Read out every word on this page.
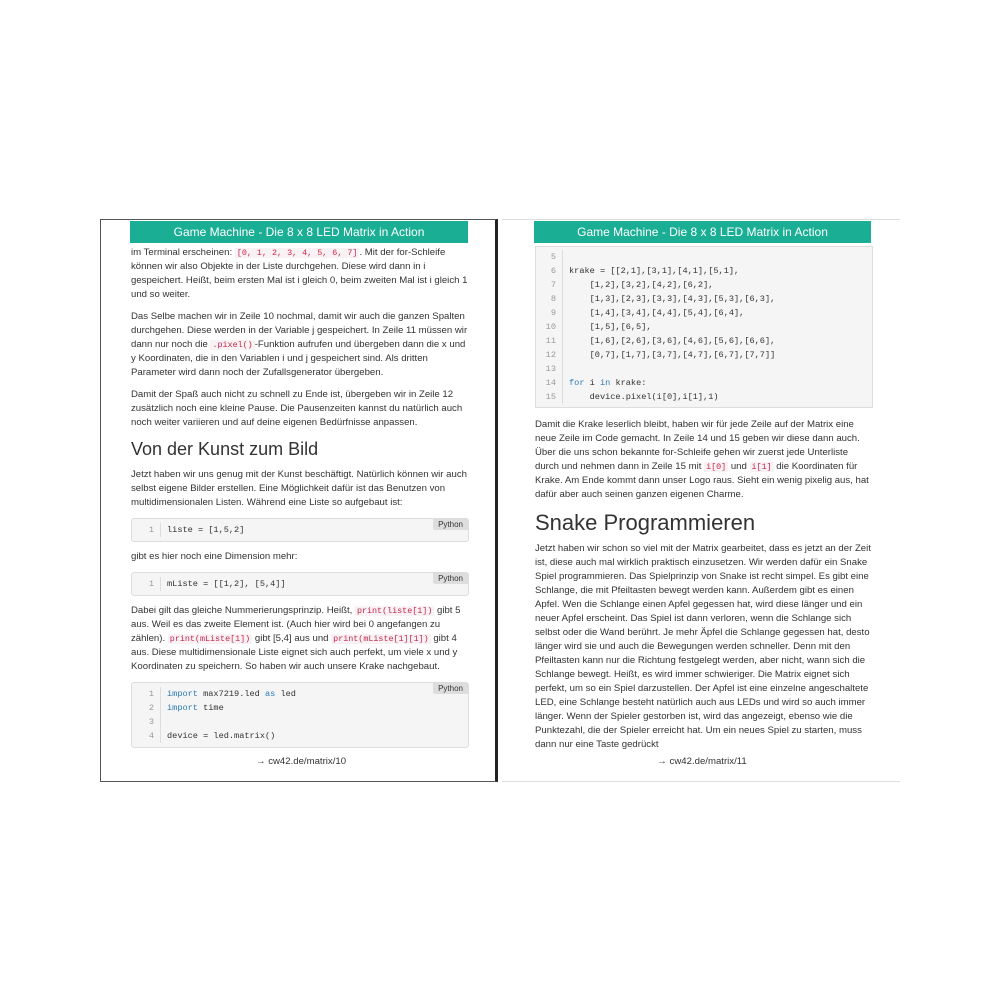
Game Machine - Die 8 x 8 LED Matrix in Action

im Terminal erscheinen: [0, 1, 2, 3, 4, 5, 6, 7] . Mit der for-Schleife können wir also Objekte in der Liste durchgehen. Diese wird dann in i gespeichert. Heißt, beim ersten Mal ist i gleich 0, beim zweiten Mal ist i gleich 1 und so weiter.

Das Selbe machen wir in Zeile 10 nochmal, damit wir auch die ganzen Spalten durchgehen. Diese werden in der Variable j gespeichert. In Zeile 11 müssen wir dann nur noch die .pixel() -Funktion aufrufen und übergeben dann die x und y Koordinaten, die in den Variablen i und j gespeichert sind. Als dritten Parameter wird dann noch der Zufallsgenerator übergeben.

Damit der Spaß auch nicht zu schnell zu Ende ist, übergeben wir in Zeile 12 zusätzlich noch eine kleine Pause. Die Pausenzeiten kannst du natürlich auch noch weiter variieren und auf deine eigenen Bedürfnisse anpassen.

Von der Kunst zum Bild

Jetzt haben wir uns genug mit der Kunst beschäftigt. Natürlich können wir auch selbst eigene Bilder erstellen. Eine Möglichkeit dafür ist das Benutzen von multidimensionalen Listen. Während eine Liste so aufgebaut ist:

Python
1	liste = [1,5,2]

gibt es hier noch eine Dimension mehr:

Python
1	mListe = [[1,2], [5,4]]

Dabei gilt das gleiche Nummerierungsprinzip. Heißt, print(liste[1]) gibt 5 aus. Weil es das zweite Element ist. (Auch hier wird bei 0 angefangen zu zählen). print(mListe[1]) gibt [5,4] aus und print(mListe[1][1]) gibt 4 aus. Diese multidimensionale Liste eignet sich auch perfekt, um viele x und y Koordinaten zu speichern. So haben wir auch unsere Krake nachgebaut.

Python
1	import max7219.led as led
2	import time
3
4	device = led.matrix()
→ cw42.de/matrix/10
Game Machine - Die 8 x 8 LED Matrix in Action
5
6	krake = [[2,1],[3,1],[4,1],[5,1],
7	[1,2],[3,2],[4,2],[6,2],
8	[1,3],[2,3],[3,3],[4,3],[5,3],[6,3],
9	[1,4],[3,4],[4,4],[5,4],[6,4],
10	[1,5],[6,5],
11	[1,6],[2,6],[3,6],[4,6],[5,6],[6,6],
12	[0,7],[1,7],[3,7],[4,7],[6,7],[7,7]]
13
14	for i in krake:
15	device.pixel(i[0],i[1],1)

Damit die Krake leserlich bleibt, haben wir für jede Zeile auf der Matrix eine neue Zeile im Code gemacht. In Zeile 14 und 15 geben wir diese dann auch. Über die uns schon bekannte for-Schleife gehen wir zuerst jede Unterliste durch und nehmen dann in Zeile 15 mit i[0] und i[1] die Koordinaten für Krake. Am Ende kommt dann unser Logo raus. Sieht ein wenig pixelig aus, hat dafür aber auch seinen ganzen eigenen Charme.

Snake Programmieren

Jetzt haben wir schon so viel mit der Matrix gearbeitet, dass es jetzt an der Zeit ist, diese auch mal wirklich praktisch einzusetzen. Wir werden dafür ein Snake Spiel programmieren. Das Spielprinzip von Snake ist recht simpel. Es gibt eine Schlange, die mit Pfeiltasten bewegt werden kann. Außerdem gibt es einen Apfel. Wen die Schlange einen Apfel gegessen hat, wird diese länger und ein neuer Apfel erscheint. Das Spiel ist dann verloren, wenn die Schlange sich selbst oder die Wand berührt. Je mehr Äpfel die Schlange gegessen hat, desto länger wird sie und auch die Bewegungen werden schneller. Denn mit den Pfeiltasten kann nur die Richtung festgelegt werden, aber nicht, wann sich die Schlange bewegt. Heißt, es wird immer schwieriger. Die Matrix eignet sich perfekt, um so ein Spiel darzustellen. Der Apfel ist eine einzelne angeschaltete LED, eine Schlange besteht natürlich auch aus LEDs und wird so auch immer länger. Wenn der Spieler gestorben ist, wird das angezeigt, ebenso wie die Punktezahl, die der Spieler erreicht hat. Um ein neues Spiel zu starten, muss dann nur eine Taste gedrückt

→ cw42.de/matrix/11
